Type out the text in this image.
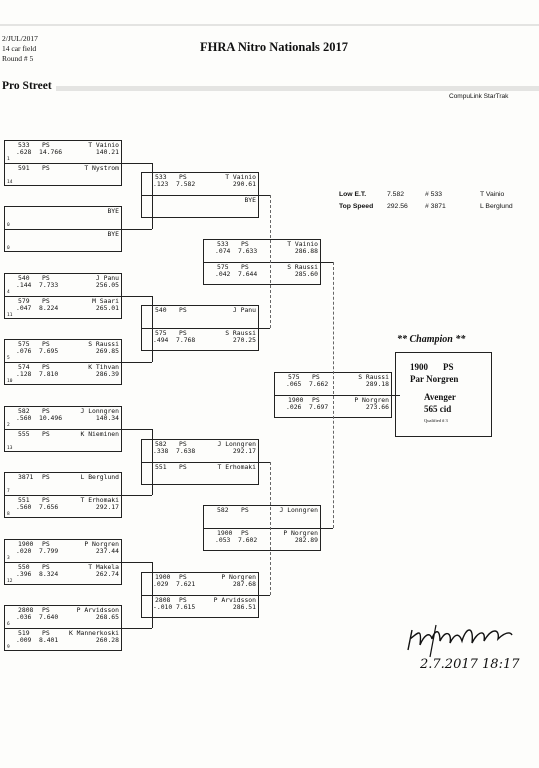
2/JUL/2017
14 car field
Round # 5
FHRA Nitro Nationals 2017
Pro Street
CompuLink StarTrak
Low E.T.	7.582	# 533	T Vainio
Top Speed 292.56	# 3871	L Berglund
533 PS	T Vainio
.628 14.766	140.21
1
591 PS	T Nystrom
14
BYE
0
BYE
0
540 PS	J Panu
.144 7.733	256.05
4
579 PS	M Saari
.047 8.224	265.01
11
575 PS	S Raussi
.076 7.695	269.85
5
574 PS	K Tihvan
.128 7.810	286.39
10
582 PS	J Lonngren
.560 10.496	140.34
2
555 PS	K Nieminen
13
3871 PS	L Berglund
7
551 PS	T Erhomaki
.560 7.656	292.17
8
1900 PS	P Norgren
.020 7.799	237.44
3
550 PS	T Makela
.396 8.324	262.74
12
2808 PS	P Arvidsson
.036 7.640	268.65
6
519 PS	K Mannerkoski
.009 8.401	260.28
9
533 PS	T Vainio
.123 7.582	290.61
BYE
540 PS	J Panu
575 PS	S Raussi
.494 7.768	270.25
582 PS	J Lonngren
.338 7.638	292.17
551 PS	T Erhomaki
1900 PS	P Norgren
.029 7.621	287.68
2808 PS	P Arvidsson
-.010 7.615	286.51
533 PS	T Vainio
.074 7.633	286.88
575 PS	S Raussi
.042 7.644	285.60
582 PS	J Lonngren
1900 PS	P Norgren
.053 7.602	282.89
575 PS	S Raussi
.065 7.662	289.18
1900 PS	P Norgren
.026 7.697	273.66
** Champion **
1900 PS
Par Norgren
Avenger
565 cid
Qualified # 3
2.7.2017 18:17
